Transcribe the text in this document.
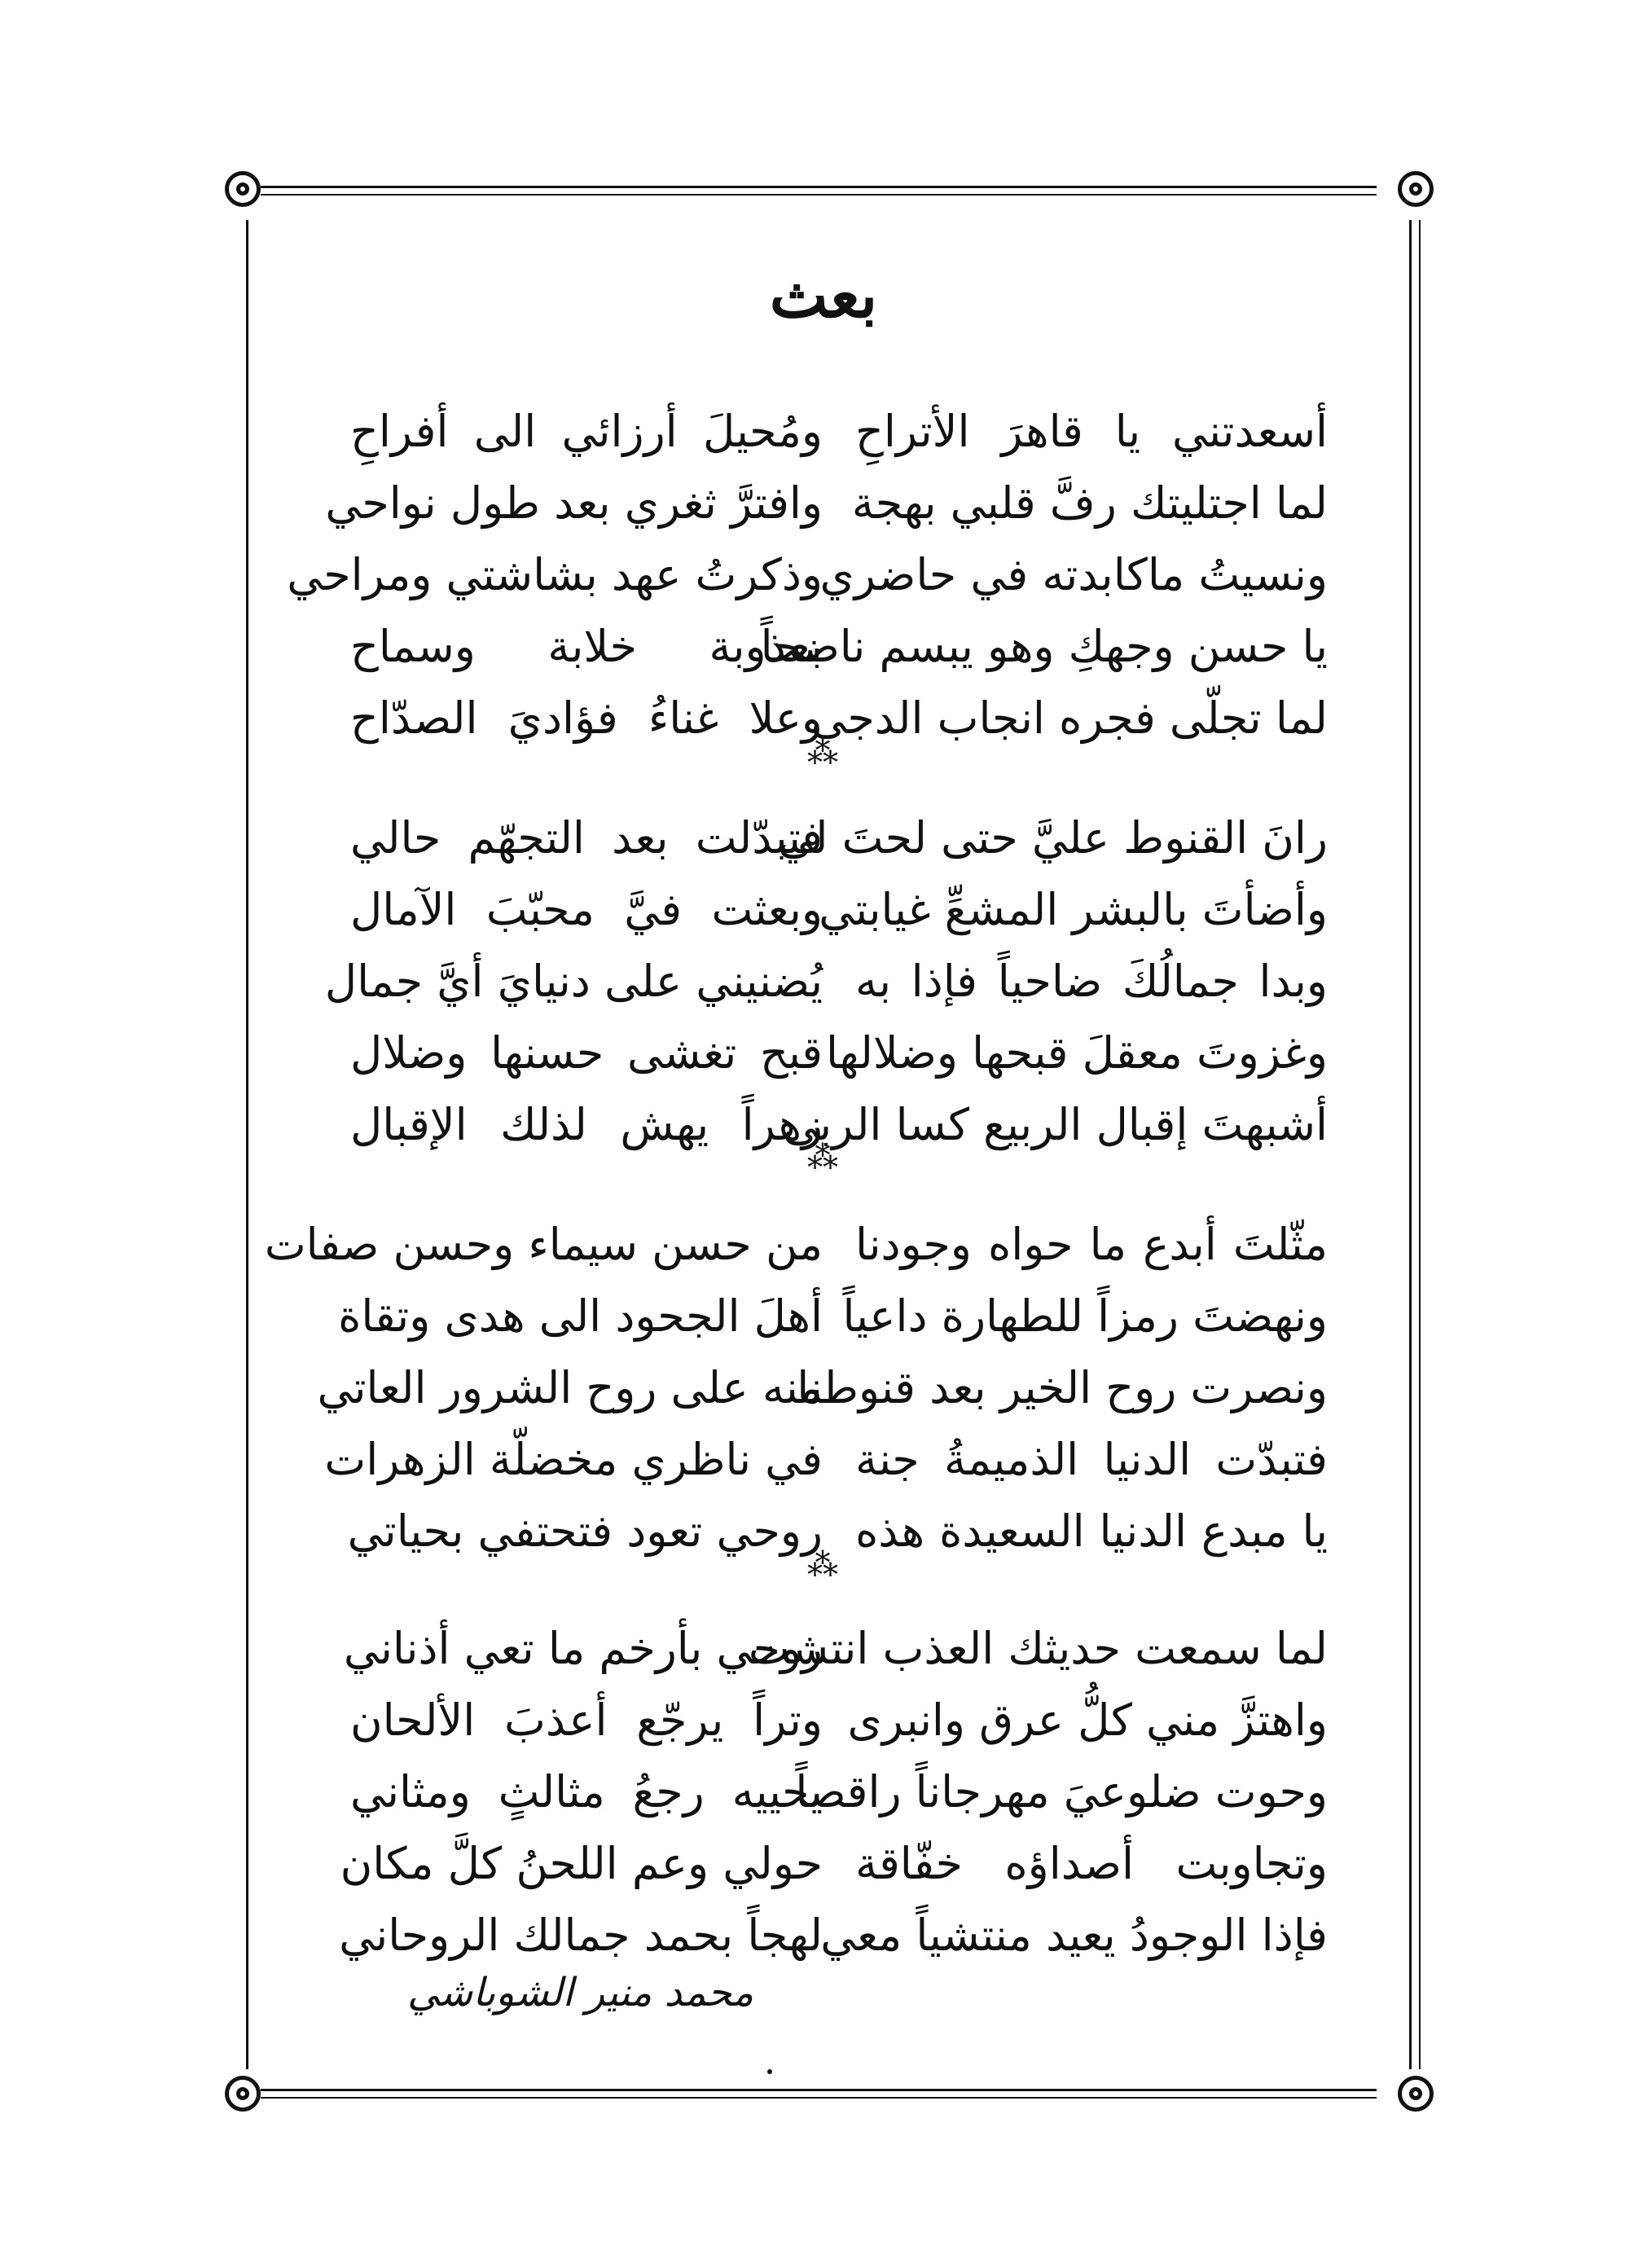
بعث
أسعدتني يا قاهرَ الأتراحِ
ومُحيلَ أرزائي الى أفراحِ
لما اجتليتك رفَّ قلبي بهجة
وافترَّ ثغري بعد طول نواحي
ونسيتُ ماكابدته في حاضري
وذكرتُ عهد بشاشتي ومراحي
يا حسن وجهكِ وهو يبسم ناضحاً
بعذوبة خلابة وسماح
لما تجلّى فجره انجاب الدجى
وعلا غناءُ فؤاديَ الصدّاح
⁂
رانَ القنوط عليَّ حتى لحتَ لي
فتبدّلت بعد التجهّم حالي
وأضأتَ بالبشر المشعِّ غيابتي
وبعثت فيَّ محبّبَ الآمال
وبدا جمالُكَ ضاحياً فإذا به
يُضنيني على دنيايَ أيَّ جمال
وغزوتَ معقلَ قبحها وضلالها
قبح تغشى حسنها وضلال
أشبهتَ إقبال الربيع كسا الربى
زهراً يهش لذلك الإقبال
⁂
مثّلتَ أبدع ما حواه وجودنا
من حسن سيماء وحسن صفات
ونهضتَ رمزاً للطهارة داعياً
أهلَ الجحود الى هدى وتقاة
ونصرت روح الخير بعد قنوطنا
منه على روح الشرور العاتي
فتبدّت الدنيا الذميمةُ جنة
في ناظري مخضلّة الزهرات
يا مبدع الدنيا السعيدة هذه
روحي تعود فتحتفي بحياتي
⁂
لما سمعت حديثك العذب انتشت
روحي بأرخم ما تعي أذناني
واهتزَّ مني كلُّ عرق وانبرى
وتراً يرجّع أعذبَ الألحان
وحوت ضلوعيَ مهرجاناً راقصاً
يحييه رجعُ مثالثٍ ومثاني
وتجاوبت أصداؤه خفّاقة
حولي وعم اللحنُ كلَّ مكان
فإذا الوجودُ يعيد منتشياً معي
لهجاً بحمد جمالك الروحاني
محمد منير الشوباشي
